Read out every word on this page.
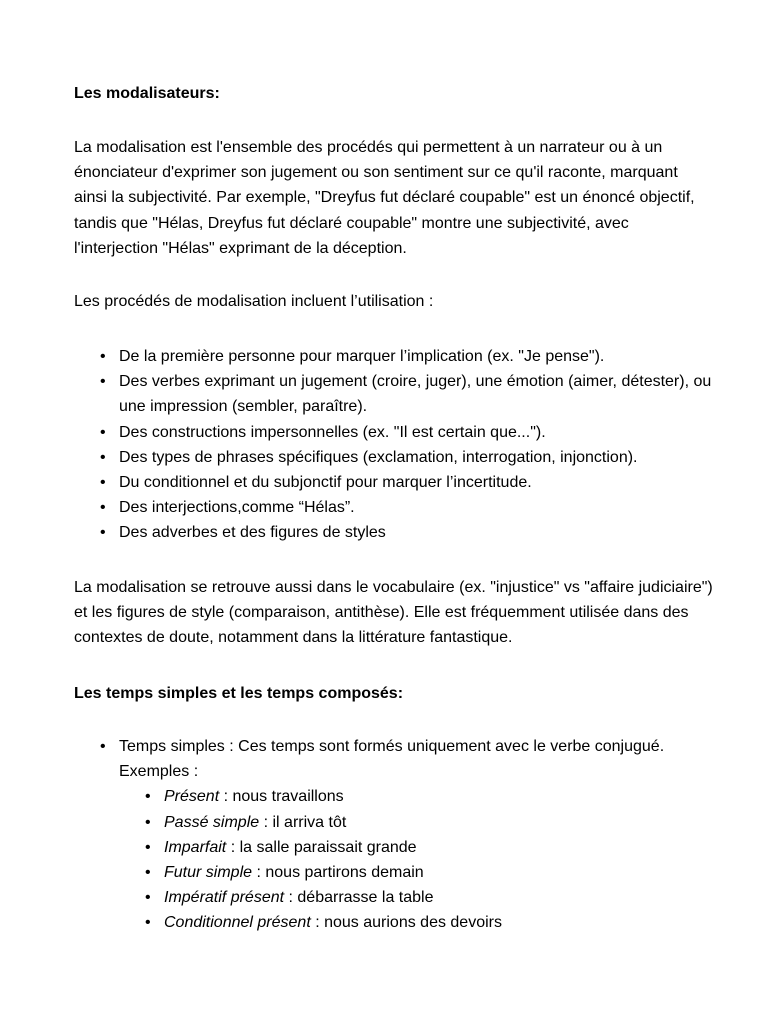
Les modalisateurs:

La modalisation est l'ensemble des procédés qui permettent à un narrateur ou à un énonciateur d'exprimer son jugement ou son sentiment sur ce qu'il raconte, marquant ainsi la subjectivité. Par exemple, "Dreyfus fut déclaré coupable" est un énoncé objectif, tandis que "Hélas, Dreyfus fut déclaré coupable" montre une subjectivité, avec l'interjection "Hélas" exprimant de la déception.

Les procédés de modalisation incluent l’utilisation :

• De la première personne pour marquer l’implication (ex. "Je pense").
• Des verbes exprimant un jugement (croire, juger), une émotion (aimer, détester), ou une impression (sembler, paraître).
• Des constructions impersonnelles (ex. "Il est certain que...").
• Des types de phrases spécifiques (exclamation, interrogation, injonction).
• Du conditionnel et du subjonctif pour marquer l’incertitude.
• Des interjections,comme “Hélas”.
• Des adverbes et des figures de styles

La modalisation se retrouve aussi dans le vocabulaire (ex. "injustice" vs "affaire judiciaire") et les figures de style (comparaison, antithèse). Elle est fréquemment utilisée dans des contextes de doute, notamment dans la littérature fantastique.

Les temps simples et les temps composés:
• Temps simples : Ces temps sont formés uniquement avec le verbe conjugué. Exemples :
• Présent : nous travaillons
• Passé simple : il arriva tôt
• Imparfait : la salle paraissait grande
• Futur simple : nous partirons demain
• Impératif présent : débarrasse la table
• Conditionnel présent : nous aurions des devoirs
